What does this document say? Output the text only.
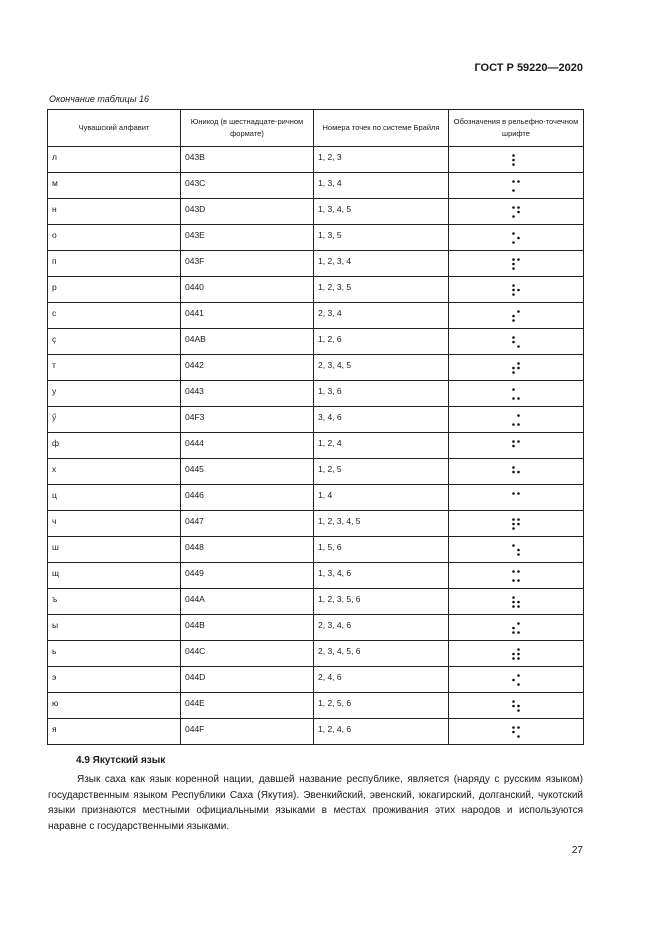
ГОСТ Р 59220—2020
Окончание таблицы 16
Чувашский алфавит	Юникод (в шестнадцате-ричном формате)	Номера точек по системе Брайля	Обозначения в рельефно-точечном шрифте

л	043B	1, 2, 3

м	043C	1, 3, 4

н	043D	1, 3, 4, 5

о	043E	1, 3, 5

п	043F	1, 2, 3, 4

р	0440	1, 2, 3, 5

с	0441	2, 3, 4

ç	04AB	1, 2, 6

т	0442	2, 3, 4, 5

у	0443	1, 3, 6

ӳ	04F3	3, 4, 6

ф	0444	1, 2, 4

х	0445	1, 2, 5

ц	0446	1, 4

ч	0447	1, 2, 3, 4, 5

ш	0448	1, 5, 6

щ	0449	1, 3, 4, 6

ъ	044A	1, 2, 3, 5, 6

ы	044B	2, 3, 4, 6

ь	044C	2, 3, 4, 5, 6

э	044D	2, 4, 6

ю	044E	1, 2, 5, 6

я	044F	1, 2, 4, 6

4.9 Якутский язык
Язык саха как язык коренной нации, давшей название республике, является (наряду с русским языком) государственным языком Республики Саха (Якутия). Эвенкийский, эвенский, юкагирский, долганский, чукотский языки признаются местными официальными языками в местах проживания этих народов и используются наравне с государственными языками.
27
